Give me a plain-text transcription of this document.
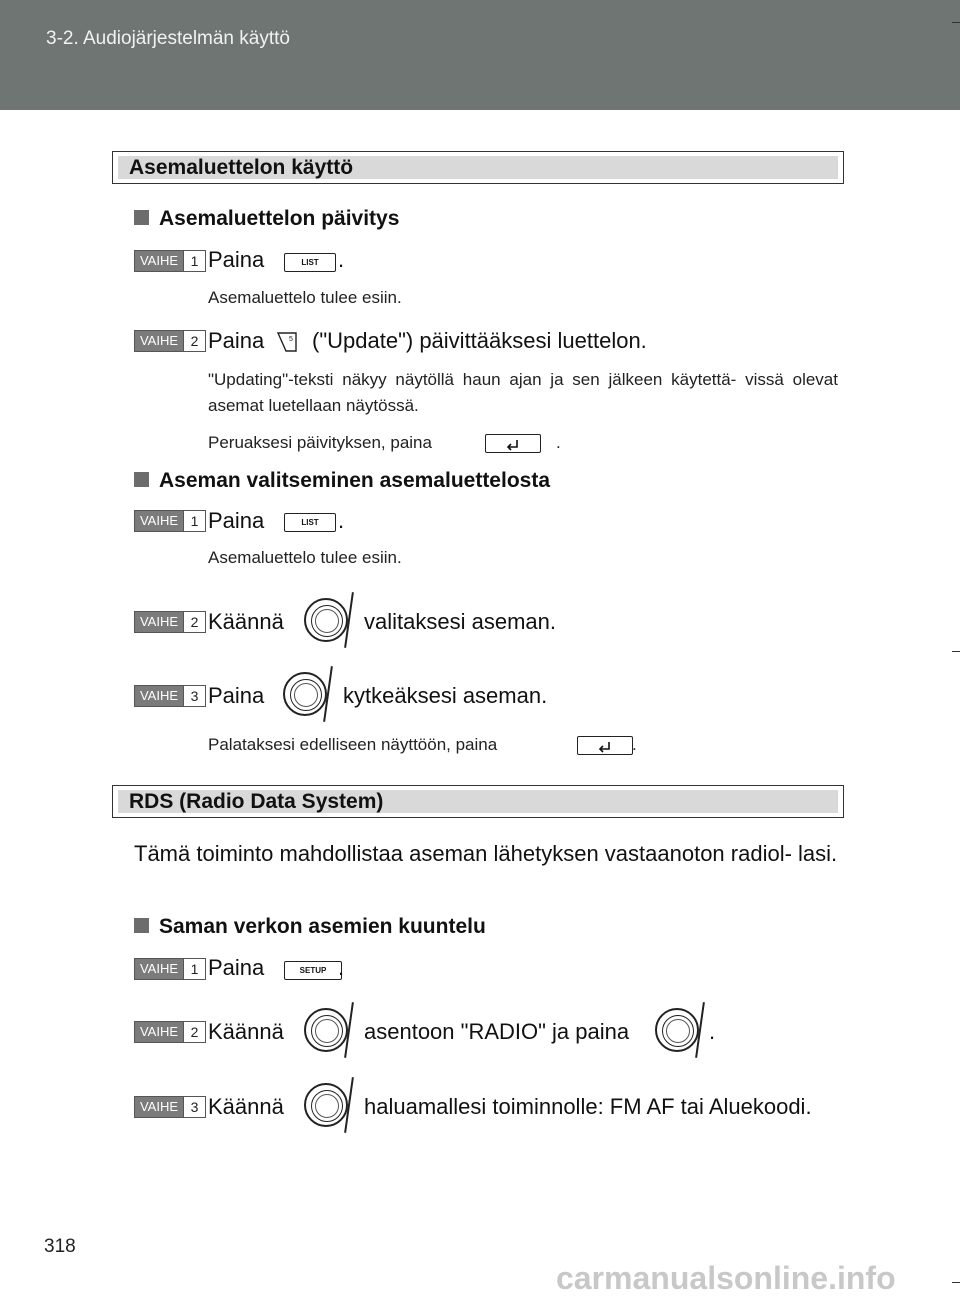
3-2. Audiojärjestelmän käyttö
Asemaluettelon käyttö
Asemaluettelon päivitys
VAIHE 1 Paina	LIST .
Asemaluettelo tulee esiin.
VAIHE 2 Paina	5 ("Update") päivittääksesi luettelon.
"Updating"-teksti näkyy näytöllä haun ajan ja sen jälkeen käytettä- vissä olevat asemat luetellaan näytössä.
Peruaksesi päivityksen, paina	.
Aseman valitseminen asemaluettelosta
VAIHE 1 Paina	LIST .
Asemaluettelo tulee esiin.
VAIHE 2 Käännä	valitaksesi aseman.
VAIHE 3 Paina	kytkeäksesi aseman.
Palataksesi edelliseen näyttöön, paina	.
RDS (Radio Data System)
Tämä toiminto mahdollistaa aseman lähetyksen vastaanoton radiol- lasi.
Saman verkon asemien kuuntelu
VAIHE 1 Paina	SETUP .
VAIHE 2 Käännä	asentoon "RADIO" ja paina	.
VAIHE 3 Käännä	haluamallesi toiminnolle: FM AF tai Aluekoodi.
318
carmanualsonline.info
